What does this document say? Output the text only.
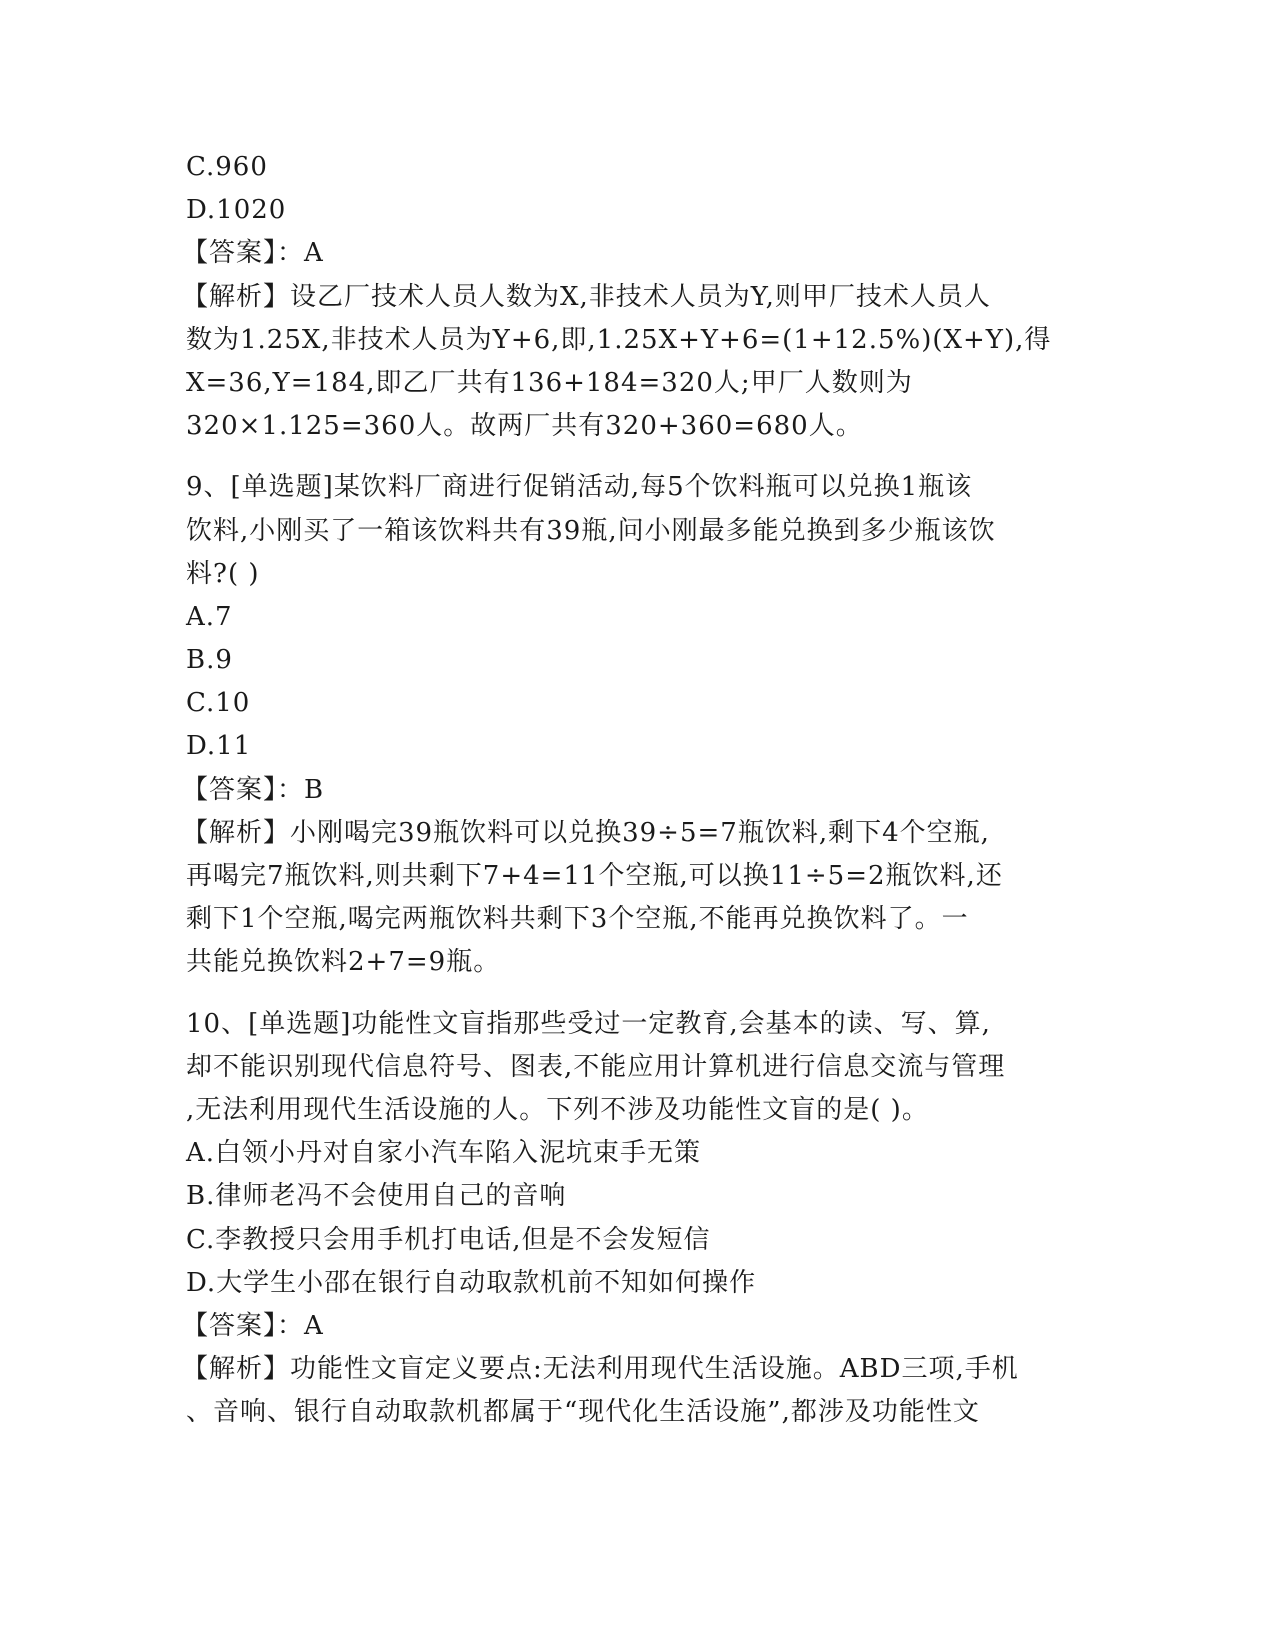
C.960
D.1020
【答案】：A
【解析】设乙厂技术人员人数为X,非技术人员为Y,则甲厂技术人员人
数为1.25X,非技术人员为Y+6,即,1.25X+Y+6=(1+12.5%)(X+Y),得
X=36,Y=184,即乙厂共有136+184=320人;甲厂人数则为
320×1.125=360人。故两厂共有320+360=680人。
9、[单选题]某饮料厂商进行促销活动,每5个饮料瓶可以兑换1瓶该
饮料,小刚买了一箱该饮料共有39瓶,问小刚最多能兑换到多少瓶该饮
料?( )
A.7
B.9
C.10
D.11
【答案】：B
【解析】小刚喝完39瓶饮料可以兑换39÷5=7瓶饮料,剩下4个空瓶,
再喝完7瓶饮料,则共剩下7+4=11个空瓶,可以换11÷5=2瓶饮料,还
剩下1个空瓶,喝完两瓶饮料共剩下3个空瓶,不能再兑换饮料了。一
共能兑换饮料2+7=9瓶。
10、[单选题]功能性文盲指那些受过一定教育,会基本的读、写、算,
却不能识别现代信息符号、图表,不能应用计算机进行信息交流与管理
,无法利用现代生活设施的人。下列不涉及功能性文盲的是( )。
A.白领小丹对自家小汽车陷入泥坑束手无策
B.律师老冯不会使用自己的音响
C.李教授只会用手机打电话,但是不会发短信
D.大学生小邵在银行自动取款机前不知如何操作
【答案】：A
【解析】功能性文盲定义要点:无法利用现代生活设施。ABD三项,手机
、音响、银行自动取款机都属于“现代化生活设施”,都涉及功能性文
